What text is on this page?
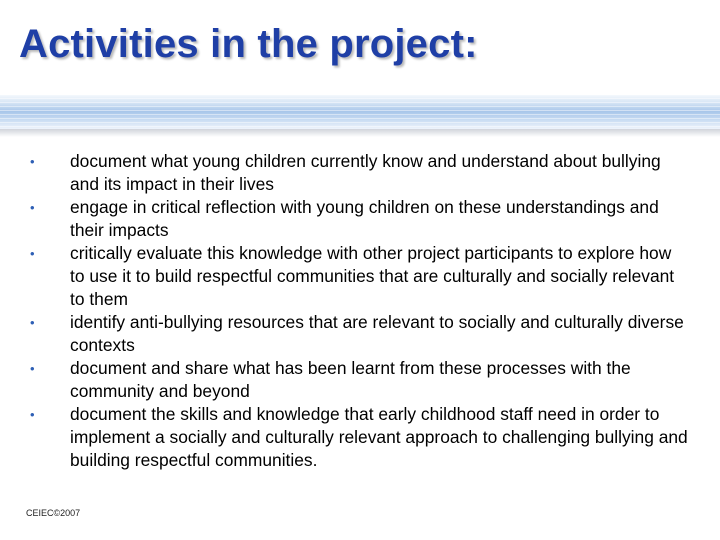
Activities in the project:
•	document what young children currently know and understand about bullying and its impact in their lives
•	engage in critical reflection with young children on these understandings and their impacts
•	critically evaluate this knowledge with other project participants to explore how to use it to build respectful communities that are culturally and socially relevant to them
•	identify anti-bullying resources that are relevant to socially and culturally diverse contexts
•	document and share what has been learnt from these processes with the community and beyond
•	document the skills and knowledge that early childhood staff need in order to implement a socially and culturally relevant approach to challenging bullying and building respectful communities.
CEIEC©2007
